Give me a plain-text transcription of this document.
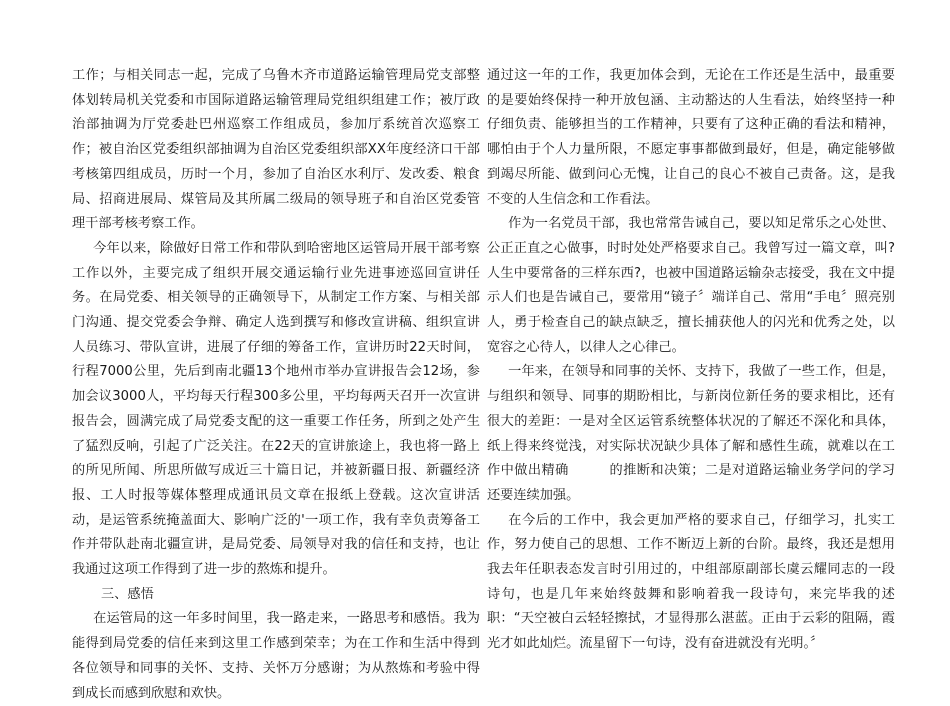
工作；与相关同志一起，完成了乌鲁木齐市道路运输管理局党支部整体划转局机关党委和市国际道路运输管理局党组织组建工作；被厅政治部抽调为厅党委赴巴州巡察工作组成员，参加厅系统首次巡察工作；被自治区党委组织部抽调为自治区党委组织部XX年度经济口干部考核第四组成员，历时一个月，参加了自治区水利厅、发改委、粮食局、招商进展局、煤管局及其所属二级局的领导班子和自治区党委管理干部考核考察工作。

今年以来，除做好日常工作和带队到哈密地区运管局开展干部考察工作以外，主要完成了组织开展交通运输行业先进事迹巡回宣讲任务。在局党委、相关领导的正确领导下，从制定工作方案、与相关部门沟通、提交党委会争辩、确定人选到撰写和修改宣讲稿、组织宣讲人员练习、带队宣讲，进展了仔细的筹备工作，宣讲历时22天时间，行程7000公里，先后到南北疆13个地州市举办宣讲报告会12场，参加会议3000人，平均每天行程300多公里，平均每两天召开一次宣讲报告会，圆满完成了局党委支配的这一重要工作任务，所到之处产生了猛烈反响，引起了广泛关注。在22天的宣讲旅途上，我也将一路上的所见所闻、所思所做写成近三十篇日记，并被新疆日报、新疆经济报、工人时报等媒体整理成通讯员文章在报纸上登载。这次宣讲活动，是运管系统掩盖面大、影响广泛的'一项工作，我有幸负责筹备工作并带队赴南北疆宣讲，是局党委、局领导对我的信任和支持，也让我通过这项工作得到了进一步的熬炼和提升。

三、感悟

在运管局的这一年多时间里，我一路走来，一路思考和感悟。我为能得到局党委的信任来到这里工作感到荣幸；为在工作和生活中得到各位领导和同事的关怀、支持、关怀万分感谢；为从熬炼和考验中得到成长而感到欣慰和欢快。

通过这一年的工作，我更加体会到，无论在工作还是生活中，最重要的是要始终保持一种开放包涵、主动豁达的人生看法，始终坚持一种仔细负责、能够担当的工作精神，只要有了这种正确的看法和精神，哪怕由于个人力量所限，不愿定事事都做到最好，但是，确定能够做到竭尽所能、做到问心无愧，让自己的良心不被自己责备。这，是我不变的人生信念和工作看法。

作为一名党员干部，我也常常告诫自己，要以知足常乐之心处世、公正正直之心做事，时时处处严格要求自己。我曾写过一篇文章，叫?人生中要常备的三样东西?，也被中国道路运输杂志接受，我在文中提示人们也是告诫自己，要常用“镜子〞端详自己、常用“手电〞照亮别人，勇于检查自己的缺点缺乏，擅长捕获他人的闪光和优秀之处，以宽容之心待人，以律人之心律己。

一年来，在领导和同事的关怀、支持下，我做了一些工作，但是，与组织和领导、同事的期盼相比，与新岗位新任务的要求相比，还有很大的差距：一是对全区运管系统整体状况的了解还不深化和具体，纸上得来终觉浅，对实际状况缺少具体了解和感性生疏，就难以在工作中做出精确　　　的推断和决策；二是对道路运输业务学问的学习还要连续加强。

在今后的工作中，我会更加严格的要求自己，仔细学习，扎实工作，努力使自己的思想、工作不断迈上新的台阶。最终，我还是想用我去年任职表态发言时引用过的，中组部原副部长虞云耀同志的一段诗句，也是几年来始终鼓舞和影响着我一段诗句，来完毕我的述职：“天空被白云轻轻擦拭，才显得那么湛蓝。正由于云彩的阻隔，霞光才如此灿烂。流星留下一句诗，没有奋进就没有光明。〞
